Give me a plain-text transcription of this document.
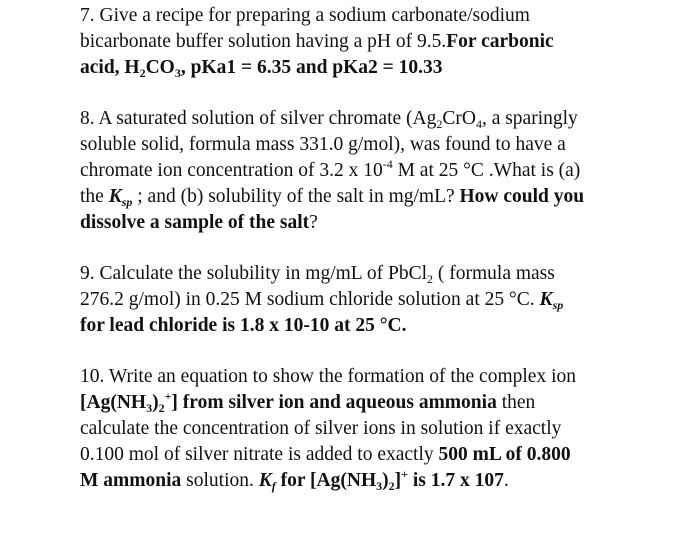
7. Give a recipe for preparing a sodium carbonate/sodium
bicarbonate buffer solution having a pH of 9.5.For carbonic
acid, $H_2CO_3$, pKa1 = 6.35 and pKa2 = 10.33
8. A saturated solution of silver chromate ($Ag_2CrO_4$, a sparingly
soluble solid, formula mass 331.0 g/mol), was found to have a
chromate ion concentration of 3.2 x $10^{-4}$ M at 25 °C .What is (a)
the $K_{sp}$ ; and (b) solubility of the salt in mg/mL? How could you
dissolve a sample of the salt?
9. Calculate the solubility in mg/mL of PbCl$_2$ ( formula mass
276.2 g/mol) in 0.25 M sodium chloride solution at 25 °C. $K_{sp}$
for lead chloride is 1.8 x 10-10 at 25 °C.
10. Write an equation to show the formation of the complex ion
$[Ag(NH_3)_2^+]$ from silver ion and aqueous ammonia then
calculate the concentration of silver ions in solution if exactly
0.100 mol of silver nitrate is added to exactly 500 mL of 0.800
M ammonia solution. $K_f$ for $[Ag(NH_3)_2]^+$ is 1.7 x 107.
